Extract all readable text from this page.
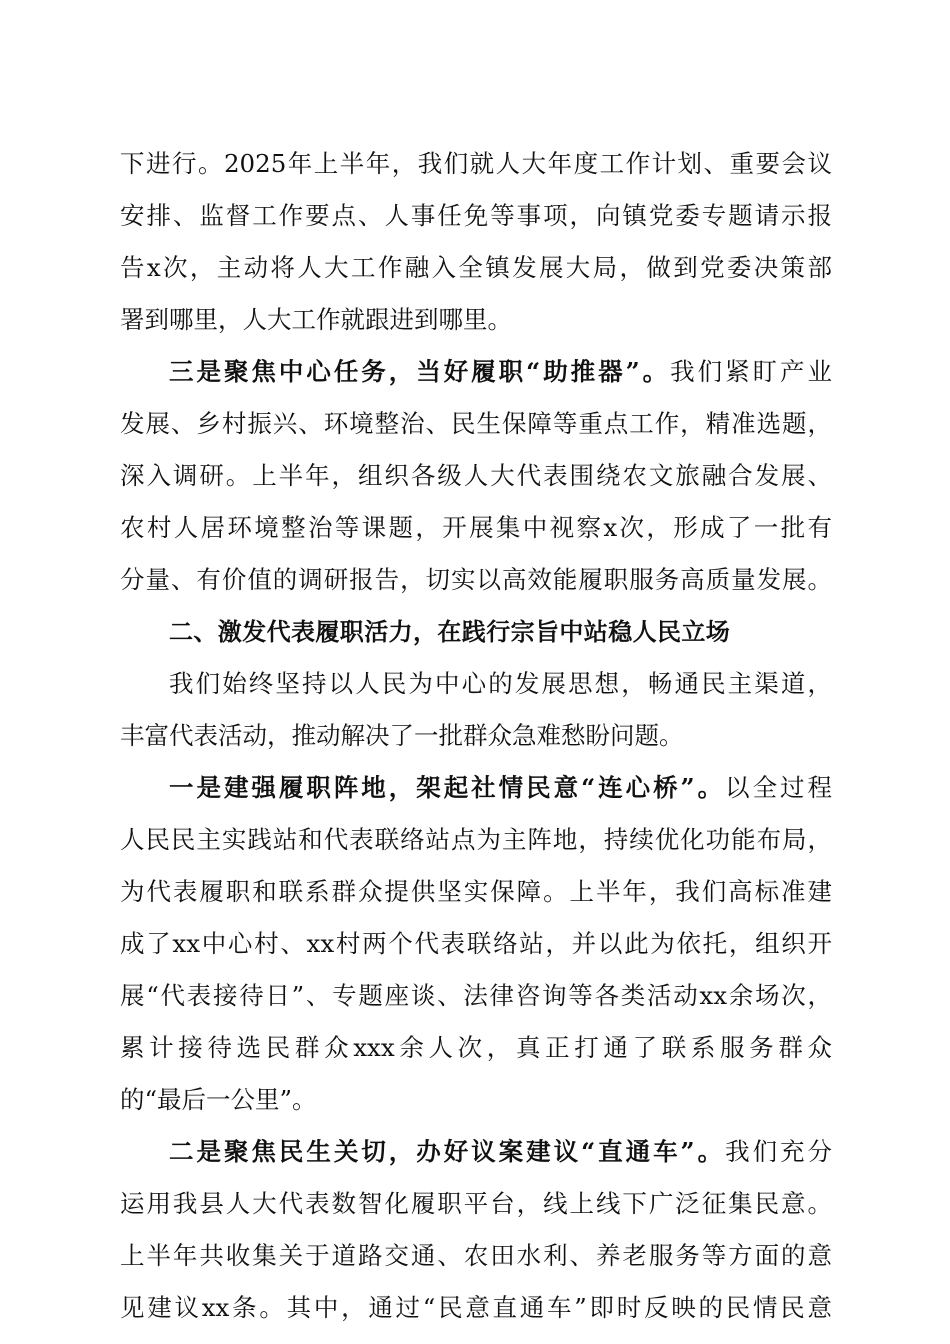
下进行。2025年上半年，我们就人大年度工作计划、重要会议
安排、监督工作要点、人事任免等事项，向镇党委专题请示报
告x次，主动将人大工作融入全镇发展大局，做到党委决策部
署到哪里，人大工作就跟进到哪里。
三是聚焦中心任务，当好履职“助推器”。我们紧盯产业
发展、乡村振兴、环境整治、民生保障等重点工作，精准选题，
深入调研。上半年，组织各级人大代表围绕农文旅融合发展、
农村人居环境整治等课题，开展集中视察x次，形成了一批有
分量、有价值的调研报告，切实以高效能履职服务高质量发展。
二、激发代表履职活力，在践行宗旨中站稳人民立场
我们始终坚持以人民为中心的发展思想，畅通民主渠道，
丰富代表活动，推动解决了一批群众急难愁盼问题。
一是建强履职阵地，架起社情民意“连心桥”。以全过程
人民民主实践站和代表联络站点为主阵地，持续优化功能布局，
为代表履职和联系群众提供坚实保障。上半年，我们高标准建
成了xx中心村、xx村两个代表联络站，并以此为依托，组织开
展“代表接待日”、专题座谈、法律咨询等各类活动xx余场次，
累计接待选民群众xxx余人次，真正打通了联系服务群众
的“最后一公里”。
二是聚焦民生关切，办好议案建议“直通车”。我们充分
运用我县人大代表数智化履职平台，线上线下广泛征集民意。
上半年共收集关于道路交通、农田水利、养老服务等方面的意
见建议xx条。其中，通过“民意直通车”即时反映的民情民意
